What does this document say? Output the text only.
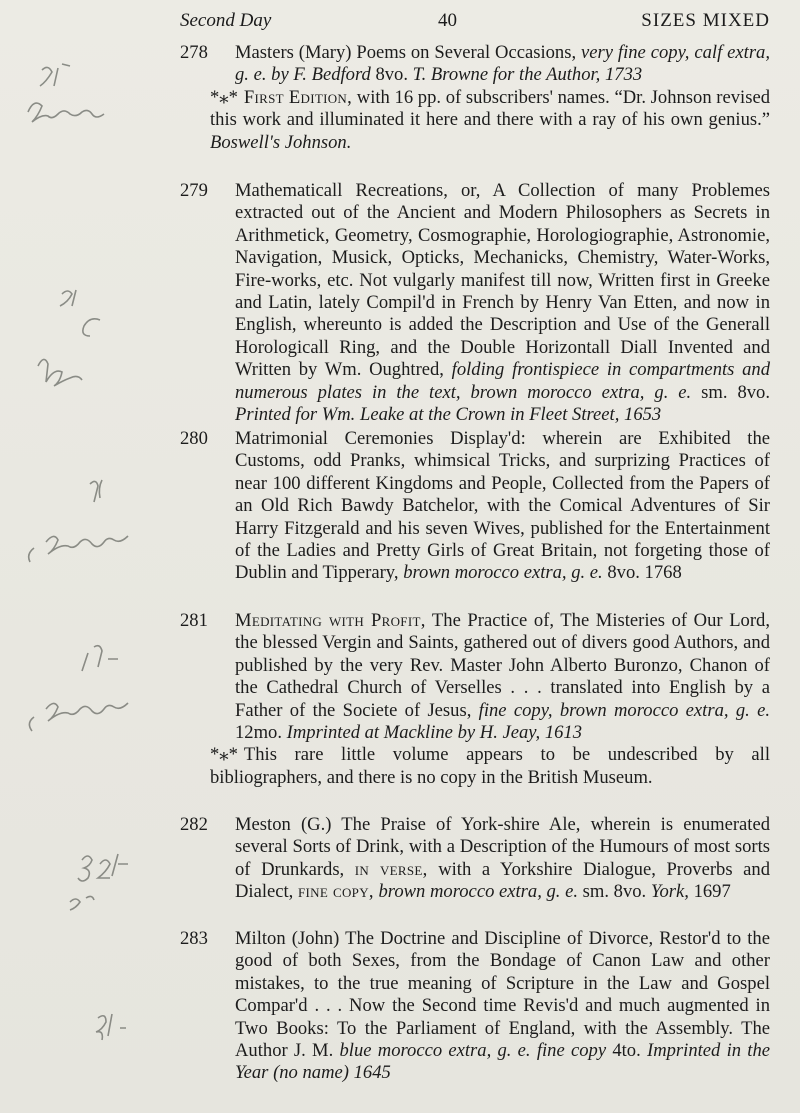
Second Day	40	SIZES MIXED
278 Masters (Mary) Poems on Several Occasions, very fine copy, calf extra, g. e. by F. Bedford 8vo. T. Browne for the Author, 1733
*⁎* First Edition, with 16 pp. of subscribers' names. “Dr. Johnson revised this work and illuminated it here and there with a ray of his own genius.” Boswell's Johnson.
279 Mathematicall Recreations, or, A Collection of many Problemes extracted out of the Ancient and Modern Philosophers as Secrets in Arithmetick, Geometry, Cosmographie, Horologiographie, Astronomie, Navigation, Musick, Opticks, Mechanicks, Chemistry, Water-Works, Fire-works, etc. Not vulgarly manifest till now, Written first in Greeke and Latin, lately Compil'd in French by Henry Van Etten, and now in English, whereunto is added the Description and Use of the Generall Horologicall Ring, and the Double Horizontall Diall Invented and Written by Wm. Oughtred, folding frontispiece in compartments and numerous plates in the text, brown morocco extra, g. e. sm. 8vo. Printed for Wm. Leake at the Crown in Fleet Street, 1653
280 Matrimonial Ceremonies Display'd: wherein are Exhibited the Customs, odd Pranks, whimsical Tricks, and surprizing Practices of near 100 different Kingdoms and People, Collected from the Papers of an Old Rich Bawdy Batchelor, with the Comical Adventures of Sir Harry Fitzgerald and his seven Wives, published for the Entertainment of the Ladies and Pretty Girls of Great Britain, not forgeting those of Dublin and Tipperary, brown morocco extra, g. e. 8vo. 1768
281 Meditating with Profit, The Practice of, The Misteries of Our Lord, the blessed Vergin and Saints, gathered out of divers good Authors, and published by the very Rev. Master John Alberto Buronzo, Chanon of the Cathedral Church of Verselles . . . translated into English by a Father of the Societe of Jesus, fine copy, brown morocco extra, g. e. 12mo. Imprinted at Mackline by H. Jeay, 1613
*⁎* This rare little volume appears to be undescribed by all bibliographers, and there is no copy in the British Museum.
282 Meston (G.) The Praise of York-shire Ale, wherein is enumerated several Sorts of Drink, with a Description of the Humours of most sorts of Drunkards, in verse, with a Yorkshire Dialogue, Proverbs and Dialect, fine copy, brown morocco extra, g. e. sm. 8vo. York, 1697
283 Milton (John) The Doctrine and Discipline of Divorce, Restor'd to the good of both Sexes, from the Bondage of Canon Law and other mistakes, to the true meaning of Scripture in the Law and Gospel Compar'd . . . Now the Second time Revis'd and much augmented in Two Books: To the Parliament of England, with the Assembly. The Author J. M. blue morocco extra, g. e. fine copy 4to. Imprinted in the Year (no name) 1645
